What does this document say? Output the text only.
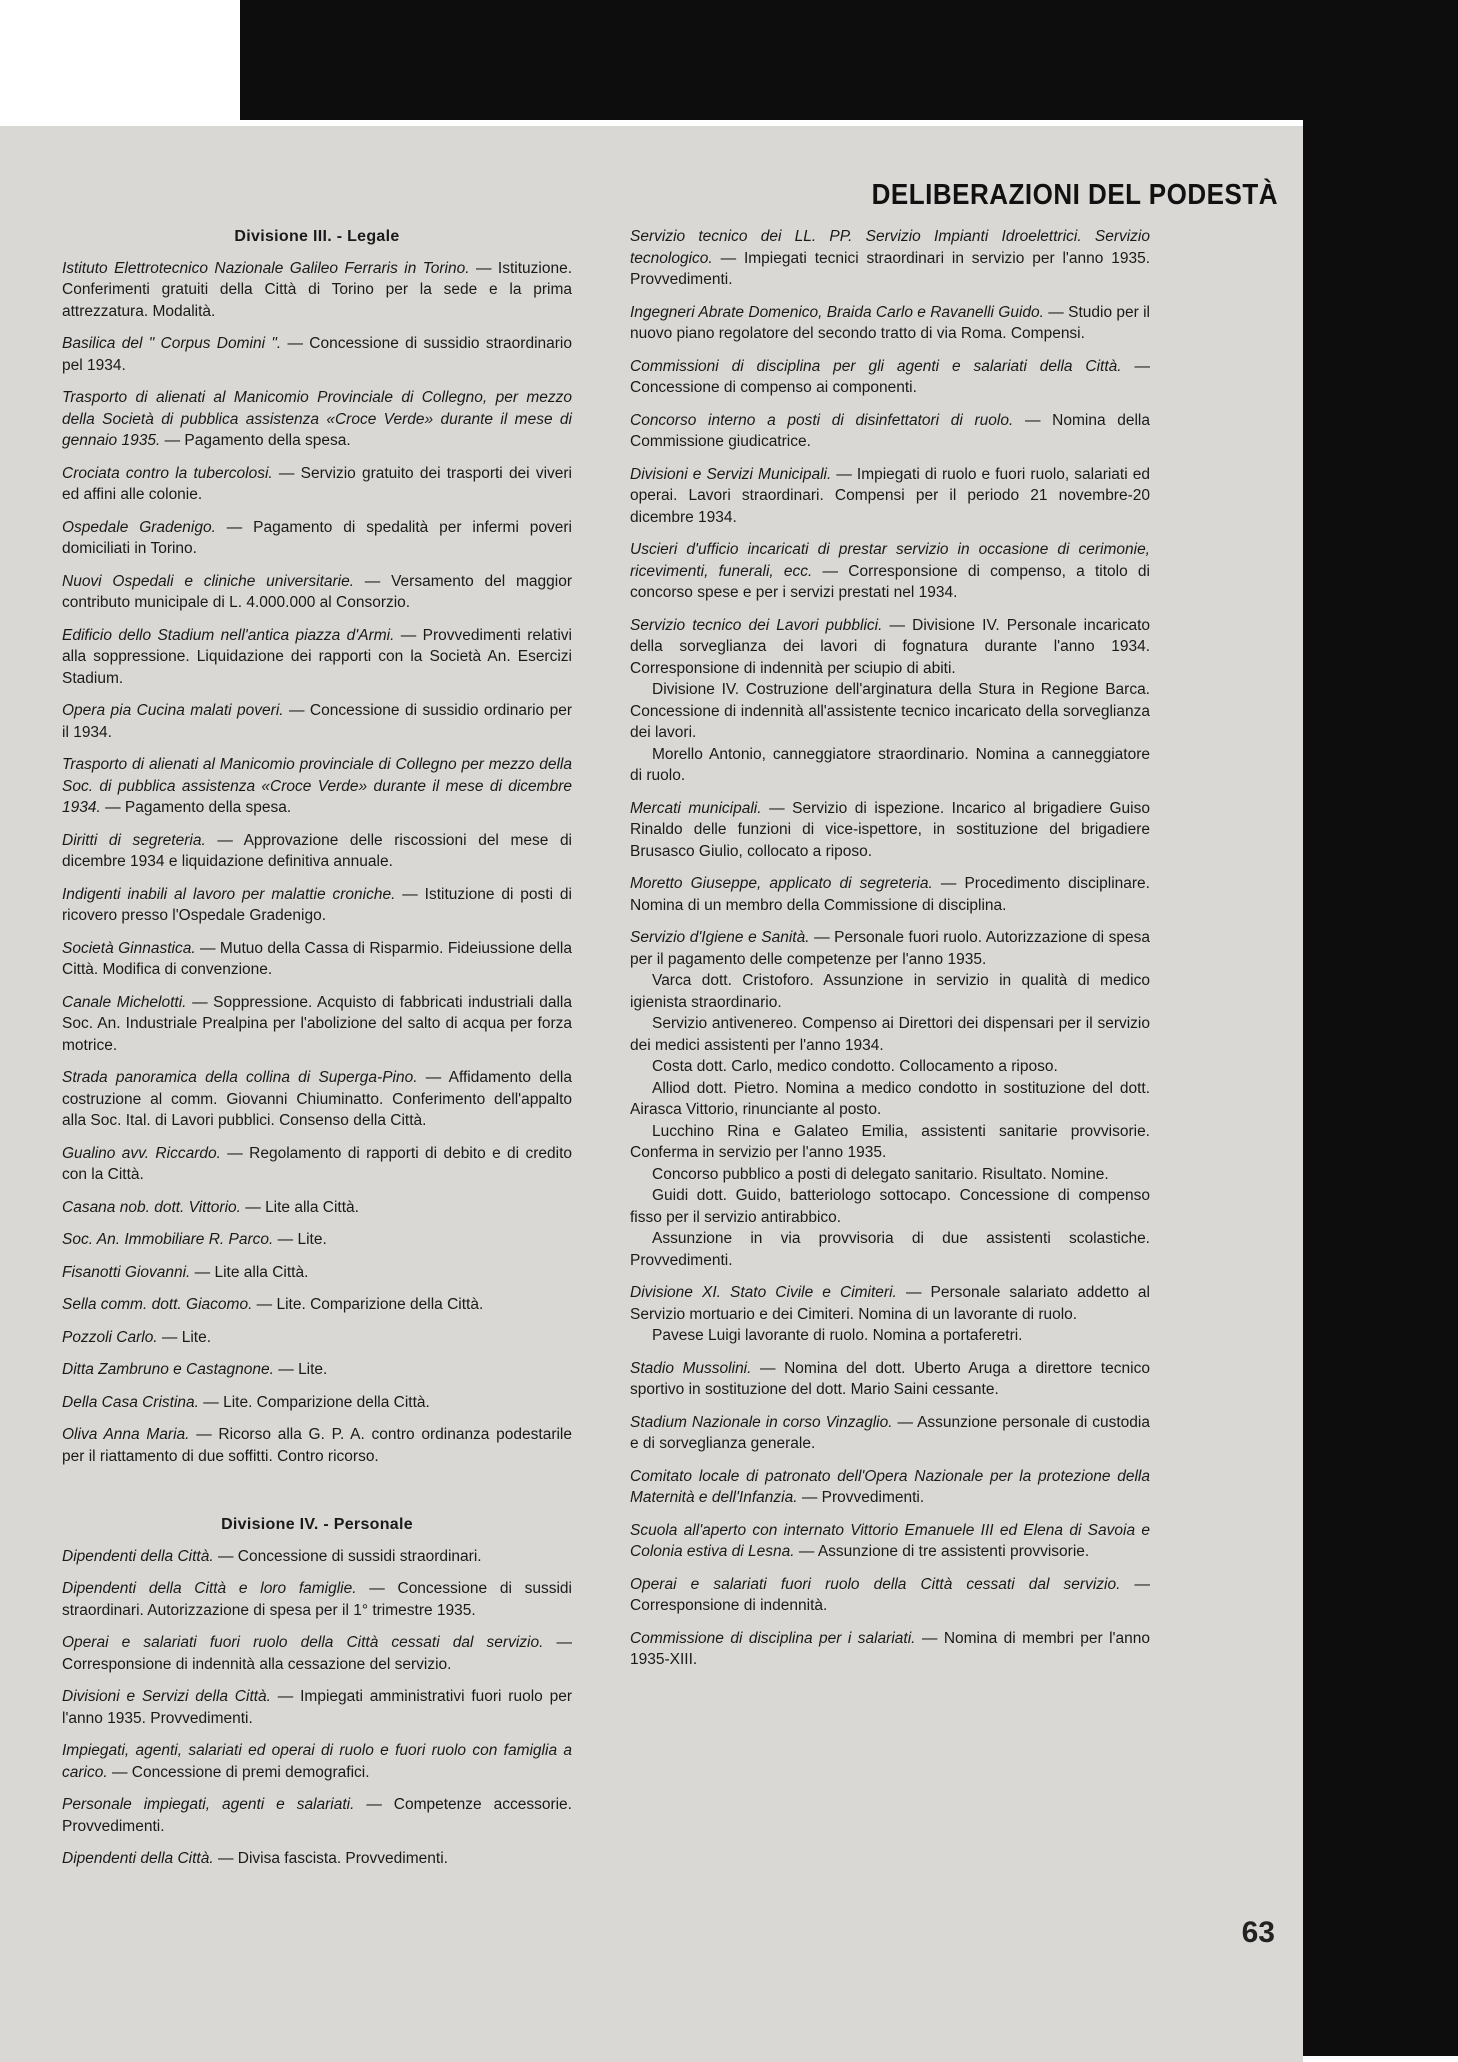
DELIBERAZIONI DEL PODESTÀ
Divisione III. - Legale
Istituto Elettrotecnico Nazionale Galileo Ferraris in Torino. — Istituzione. Conferimenti gratuiti della Città di Torino per la sede e la prima attrezzatura. Modalità.
Basilica del " Corpus Domini ". — Concessione di sussidio straordinario pel 1934.
Trasporto di alienati al Manicomio Provinciale di Collegno, per mezzo della Società di pubblica assistenza «Croce Verde» durante il mese di gennaio 1935. — Pagamento della spesa.
Crociata contro la tubercolosi. — Servizio gratuito dei trasporti dei viveri ed affini alle colonie.
Ospedale Gradenigo. — Pagamento di spedalità per infermi poveri domiciliati in Torino.
Nuovi Ospedali e cliniche universitarie. — Versamento del maggior contributo municipale di L. 4.000.000 al Consorzio.
Edificio dello Stadium nell'antica piazza d'Armi. — Provvedimenti relativi alla soppressione. Liquidazione dei rapporti con la Società An. Esercizi Stadium.
Opera pia Cucina malati poveri. — Concessione di sussidio ordinario per il 1934.
Trasporto di alienati al Manicomio provinciale di Collegno per mezzo della Soc. di pubblica assistenza «Croce Verde» durante il mese di dicembre 1934. — Pagamento della spesa.
Diritti di segreteria. — Approvazione delle riscossioni del mese di dicembre 1934 e liquidazione definitiva annuale.
Indigenti inabili al lavoro per malattie croniche. — Istituzione di posti di ricovero presso l'Ospedale Gradenigo.
Società Ginnastica. — Mutuo della Cassa di Risparmio. Fideiussione della Città. Modifica di convenzione.
Canale Michelotti. — Soppressione. Acquisto di fabbricati industriali dalla Soc. An. Industriale Prealpina per l'abolizione del salto di acqua per forza motrice.
Strada panoramica della collina di Superga-Pino. — Affidamento della costruzione al comm. Giovanni Chiuminatto. Conferimento dell'appalto alla Soc. Ital. di Lavori pubblici. Consenso della Città.
Gualino avv. Riccardo. — Regolamento di rapporti di debito e di credito con la Città.
Casana nob. dott. Vittorio. — Lite alla Città.
Soc. An. Immobiliare R. Parco. — Lite.
Fisanotti Giovanni. — Lite alla Città.
Sella comm. dott. Giacomo. — Lite. Comparizione della Città.
Pozzoli Carlo. — Lite.
Ditta Zambruno e Castagnone. — Lite.
Della Casa Cristina. — Lite. Comparizione della Città.
Oliva Anna Maria. — Ricorso alla G. P. A. contro ordinanza podestarile per il riattamento di due soffitti. Contro ricorso.
Divisione IV. - Personale
Dipendenti della Città. — Concessione di sussidi straordinari.
Dipendenti della Città e loro famiglie. — Concessione di sussidi straordinari. Autorizzazione di spesa per il 1° trimestre 1935.
Operai e salariati fuori ruolo della Città cessati dal servizio. — Corresponsione di indennità alla cessazione del servizio.
Divisioni e Servizi della Città. — Impiegati amministrativi fuori ruolo per l'anno 1935. Provvedimenti.
Impiegati, agenti, salariati ed operai di ruolo e fuori ruolo con famiglia a carico. — Concessione di premi demografici.
Personale impiegati, agenti e salariati. — Competenze accessorie. Provvedimenti.
Dipendenti della Città. — Divisa fascista. Provvedimenti.
Servizio tecnico dei LL. PP. Servizio Impianti Idroelettrici. Servizio tecnologico. — Impiegati tecnici straordinari in servizio per l'anno 1935. Provvedimenti.
Ingegneri Abrate Domenico, Braida Carlo e Ravanelli Guido. — Studio per il nuovo piano regolatore del secondo tratto di via Roma. Compensi.
Commissioni di disciplina per gli agenti e salariati della Città. — Concessione di compenso ai componenti.
Concorso interno a posti di disinfettatori di ruolo. — Nomina della Commissione giudicatrice.
Divisioni e Servizi Municipali. — Impiegati di ruolo e fuori ruolo, salariati ed operai. Lavori straordinari. Compensi per il periodo 21 novembre-20 dicembre 1934.
Uscieri d'ufficio incaricati di prestar servizio in occasione di cerimonie, ricevimenti, funerali, ecc. — Corresponsione di compenso, a titolo di concorso spese e per i servizi prestati nel 1934.
Servizio tecnico dei Lavori pubblici. — Divisione IV. Personale incaricato della sorveglianza dei lavori di fognatura durante l'anno 1934. Corresponsione di indennità per sciupio di abiti.
Divisione IV. Costruzione dell'arginatura della Stura in Regione Barca. Concessione di indennità all'assistente tecnico incaricato della sorveglianza dei lavori.
Morello Antonio, canneggiatore straordinario. Nomina a canneggiatore di ruolo.
Mercati municipali. — Servizio di ispezione. Incarico al brigadiere Guiso Rinaldo delle funzioni di vice-ispettore, in sostituzione del brigadiere Brusasco Giulio, collocato a riposo.
Moretto Giuseppe, applicato di segreteria. — Procedimento disciplinare. Nomina di un membro della Commissione di disciplina.
Servizio d'Igiene e Sanità. — Personale fuori ruolo. Autorizzazione di spesa per il pagamento delle competenze per l'anno 1935.
Varca dott. Cristoforo. Assunzione in servizio in qualità di medico igienista straordinario.
Servizio antivenereo. Compenso ai Direttori dei dispensari per il servizio dei medici assistenti per l'anno 1934.
Costa dott. Carlo, medico condotto. Collocamento a riposo.
Alliod dott. Pietro. Nomina a medico condotto in sostituzione del dott. Airasca Vittorio, rinunciante al posto.
Lucchino Rina e Galateo Emilia, assistenti sanitarie provvisorie. Conferma in servizio per l'anno 1935.
Concorso pubblico a posti di delegato sanitario. Risultato. Nomine.
Guidi dott. Guido, batteriologo sottocapo. Concessione di compenso fisso per il servizio antirabbico.
Assunzione in via provvisoria di due assistenti scolastiche. Provvedimenti.
Divisione XI. Stato Civile e Cimiteri. — Personale salariato addetto al Servizio mortuario e dei Cimiteri. Nomina di un lavorante di ruolo.
Pavese Luigi lavorante di ruolo. Nomina a portaferetri.
Stadio Mussolini. — Nomina del dott. Uberto Aruga a direttore tecnico sportivo in sostituzione del dott. Mario Saini cessante.
Stadium Nazionale in corso Vinzaglio. — Assunzione personale di custodia e di sorveglianza generale.
Comitato locale di patronato dell'Opera Nazionale per la protezione della Maternità e dell'Infanzia. — Provvedimenti.
Scuola all'aperto con internato Vittorio Emanuele III ed Elena di Savoia e Colonia estiva di Lesna. — Assunzione di tre assistenti provvisorie.
Operai e salariati fuori ruolo della Città cessati dal servizio. — Corresponsione di indennità.
Commissione di disciplina per i salariati. — Nomina di membri per l'anno 1935-XIII.
63
